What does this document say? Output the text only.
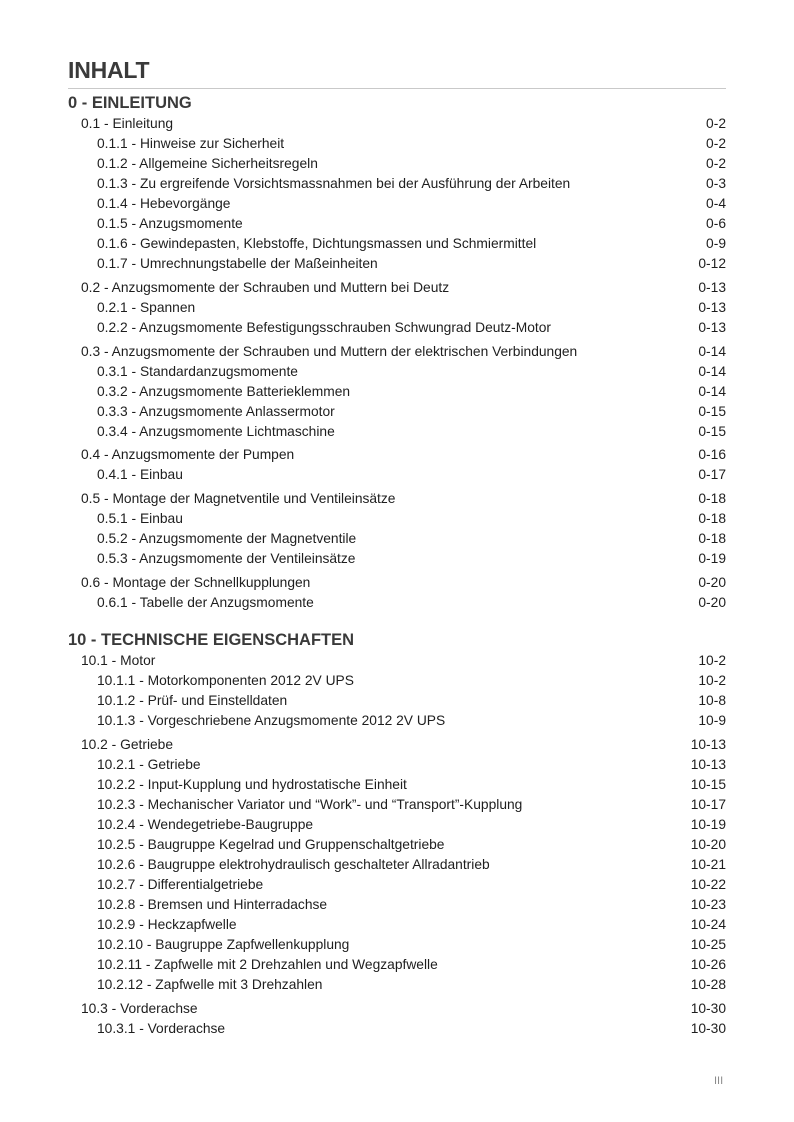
INHALT
0 - EINLEITUNG
0.1 - Einleitung	0-2
0.1.1 - Hinweise zur Sicherheit	0-2
0.1.2 - Allgemeine Sicherheitsregeln	0-2
0.1.3 - Zu ergreifende Vorsichtsmassnahmen bei der Ausführung der Arbeiten	0-3
0.1.4 - Hebevorgänge	0-4
0.1.5 - Anzugsmomente	0-6
0.1.6 - Gewindepasten, Klebstoffe, Dichtungsmassen und Schmiermittel	0-9
0.1.7 - Umrechnungstabelle der Maßeinheiten	0-12
0.2 - Anzugsmomente der Schrauben und Muttern bei Deutz	0-13
0.2.1 - Spannen	0-13
0.2.2 - Anzugsmomente Befestigungsschrauben Schwungrad Deutz-Motor	0-13
0.3 - Anzugsmomente der Schrauben und Muttern der elektrischen Verbindungen	0-14
0.3.1 - Standardanzugsmomente	0-14
0.3.2 - Anzugsmomente Batterieklemmen	0-14
0.3.3 - Anzugsmomente Anlassermotor	0-15
0.3.4 - Anzugsmomente Lichtmaschine	0-15
0.4 - Anzugsmomente der Pumpen	0-16
0.4.1 - Einbau	0-17
0.5 - Montage der Magnetventile und Ventileinsätze	0-18
0.5.1 - Einbau	0-18
0.5.2 - Anzugsmomente der Magnetventile	0-18
0.5.3 - Anzugsmomente der Ventileinsätze	0-19
0.6 - Montage der Schnellkupplungen	0-20
0.6.1 - Tabelle der Anzugsmomente	0-20
10 - TECHNISCHE EIGENSCHAFTEN
10.1 - Motor	10-2
10.1.1 - Motorkomponenten 2012 2V UPS	10-2
10.1.2 - Prüf- und Einstelldaten	10-8
10.1.3 - Vorgeschriebene Anzugsmomente 2012 2V UPS	10-9
10.2 - Getriebe	10-13
10.2.1 - Getriebe	10-13
10.2.2 - Input-Kupplung und hydrostatische Einheit	10-15
10.2.3 - Mechanischer Variator und “Work”- und “Transport”-Kupplung	10-17
10.2.4 - Wendegetriebe-Baugruppe	10-19
10.2.5 - Baugruppe Kegelrad und Gruppenschaltgetriebe	10-20
10.2.6 - Baugruppe elektrohydraulisch geschalteter Allradantrieb	10-21
10.2.7 - Differentialgetriebe	10-22
10.2.8 - Bremsen und Hinterradachse	10-23
10.2.9 - Heckzapfwelle	10-24
10.2.10 - Baugruppe Zapfwellenkupplung	10-25
10.2.11 - Zapfwelle mit 2 Drehzahlen und Wegzapfwelle	10-26
10.2.12 - Zapfwelle mit 3 Drehzahlen	10-28
10.3 - Vorderachse	10-30
10.3.1 - Vorderachse	10-30
III
